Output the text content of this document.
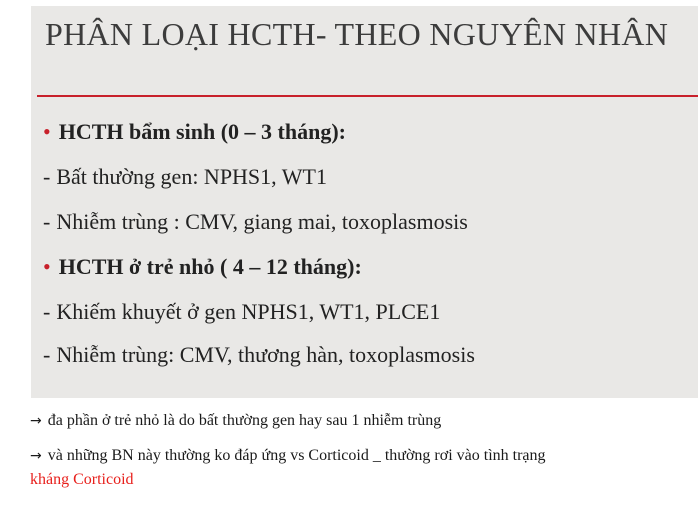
PHÂN LOẠI HCTH- THEO NGUYÊN NHÂN
• HCTH bẩm sinh (0 – 3 tháng):
- Bất thường gen: NPHS1, WT1
- Nhiễm trùng : CMV, giang mai, toxoplasmosis
• HCTH ở trẻ nhỏ ( 4 – 12 tháng):
- Khiếm khuyết ở gen NPHS1, WT1, PLCE1
- Nhiễm trùng: CMV, thương hàn, toxoplasmosis
→ đa phần ở trẻ nhỏ là do bất thường gen hay sau 1 nhiễm trùng
→ và những BN này thường ko đáp ứng vs Corticoid _ thường rơi vào tình trạng
kháng Corticoid
